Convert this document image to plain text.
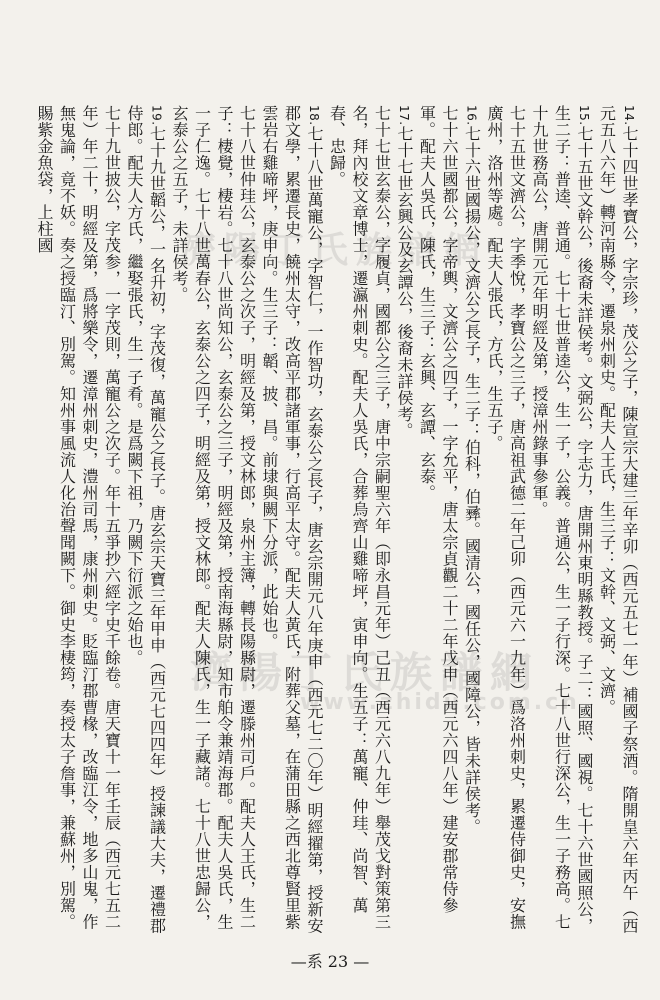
濟陽丁氏族譜網
濟陽丁氏族譜網
www.zhidu.com.cn

14.七十四世孝寶公，字宗珍，茂公之子，陳宣宗大建三年辛卯（西元五七一年）補國子祭酒。隋開皇六年丙午（西元五八六年）轉河南縣令，遷泉州刺史。配夫人王氏，生三子：文幹、文弼、文濟。

15.七十五世文幹公，後裔未詳侯考。文弼公，字志力，唐開州東明縣教授。子二：國照、國視。七十六世國照公，生二子：普逵、普通。七十七世普逵公，生一子，公義。普通公，生一子行深。七十八世行深公，生一子務高。七十九世務高公，唐開元元年明經及第，授漳州錄事參軍。

七十五世文濟公，字季悅，孝寶公之三子，唐高祖武德二年己卯（西元六一九年）爲洛州刺史，累遷侍御史，安撫廣州，洛州等處。配夫人張氏，方氏，生五子。

16.七十六世國揚公，文濟公之長子，生二子：伯科，伯彞。國清公，國任公，國障公，皆未詳侯考。

七十六世國都公，字帝輿，文濟公之四子，一字允平，唐太宗貞觀二十二年戊申（西元六四八年）建安郡常侍參軍。配夫人吳氏，陳氏，生三子：玄興、玄譚、玄泰。

17.七十七世玄興公及玄譚公，後裔未詳侯考。

七十七世玄泰公，字履貞，國都公之三子，唐中宗嗣聖六年（即永昌元年）己丑（西元六八九年）舉茂戈對策第三名，拜內校文章博士，遷瀛州刺史。配夫人吳氏，合葬烏齊山雞啼坪，寅申向。生五子：萬寵、仲珪、尚智、萬春、忠歸。

18.七十八世萬寵公，字智仁，一作智功，玄泰公之長子，唐玄宗開元八年庚申（西元七二〇年）明經擢第，授新安郡文學，累遷長史，饒州太守，改高平郡諸軍事，行高平太守。配夫人黃氏，附葬父墓，在蒲田縣之西北尊賢里紫雲岩右雞啼坪，庚申向。生三子：韜、披、昌。前埭與闕下分派，此始也。

七十八世仲珪公，玄泰公之次子，明經及第，授文林郎，泉州主簿，轉長陽縣尉，遷滕州司戶。配夫人王氏，生二子：棲覺，棲岩。七十八世尚知公，玄泰公之三子，明經及第，授南海縣尉，知市舶令兼靖海郡。配夫人吳氏，生一子仁逸。七十八世萬春公，玄泰公之四子，明經及第，授文林郎。配夫人陳氏，生一子藏諸。七十八世忠歸公，玄泰公之五子，未詳侯考。

19.七十九世韜公，一名升初，字茂復，萬寵公之長子。唐玄宗天寶三年甲申（西元七四四年）授諫議大夫，遷禮郡侍郎。配夫人方氏，繼娶張氏，生一子肴。是爲闕下祖，乃闕下衍派之始也。

七十九世披公，字茂参，一字茂則，萬寵公之次子。年十五爭抄六經字史千餘卷。唐天寶十一年壬辰（西元七五二年）年二十，明經及第，爲將樂令，遷漳州刺史，澧州司馬，康州刺史。貶臨汀郡曹椽，改臨江令，地多山鬼，作無鬼論，竟不妖。奏之授臨汀、別駕。知州事風流人化治聲聞闕下。御史李棲筠，奏授太子詹事，兼蘇州，別駕。賜紫金魚袋，上柱國

—系 23 —
